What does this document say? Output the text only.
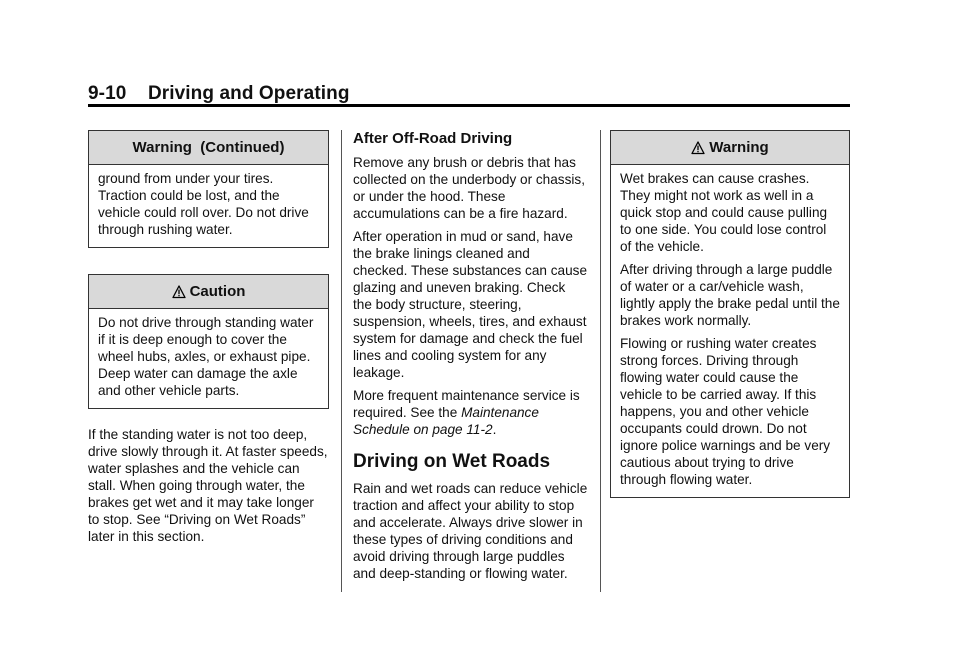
9-10    Driving and Operating
Warning  (Continued)

ground from under your tires. Traction could be lost, and the vehicle could roll over. Do not drive through rushing water.

Caution

Do not drive through standing water if it is deep enough to cover the wheel hubs, axles, or exhaust pipe. Deep water can damage the axle and other vehicle parts.

If the standing water is not too deep, drive slowly through it. At faster speeds, water splashes and the vehicle can stall. When going through water, the brakes get wet and it may take longer to stop. See “Driving on Wet Roads” later in this section.

After Off-Road Driving

Remove any brush or debris that has collected on the underbody or chassis, or under the hood. These accumulations can be a fire hazard.

After operation in mud or sand, have the brake linings cleaned and checked. These substances can cause glazing and uneven braking. Check the body structure, steering, suspension, wheels, tires, and exhaust system for damage and check the fuel lines and cooling system for any leakage.

More frequent maintenance service is required. See the Maintenance Schedule on page 11-2.

Driving on Wet Roads

Rain and wet roads can reduce vehicle traction and affect your ability to stop and accelerate. Always drive slower in these types of driving conditions and avoid driving through large puddles and deep-standing or flowing water.

Warning

Wet brakes can cause crashes. They might not work as well in a quick stop and could cause pulling to one side. You could lose control of the vehicle.

After driving through a large puddle of water or a car/vehicle wash, lightly apply the brake pedal until the brakes work normally.

Flowing or rushing water creates strong forces. Driving through flowing water could cause the vehicle to be carried away. If this happens, you and other vehicle occupants could drown. Do not ignore police warnings and be very cautious about trying to drive through flowing water.
